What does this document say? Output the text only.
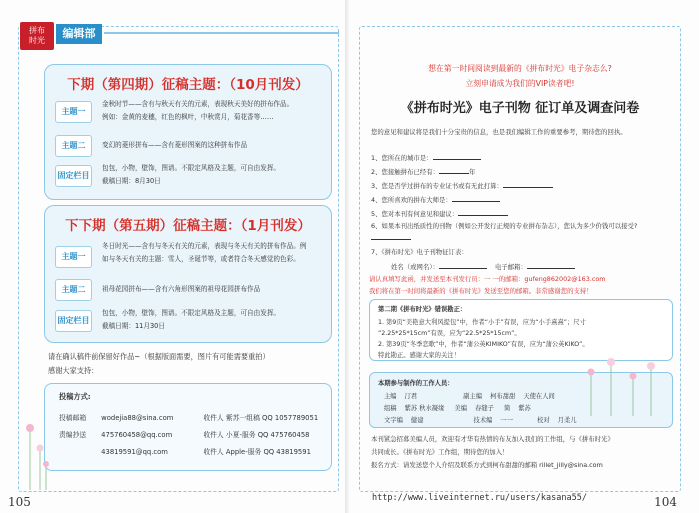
拼布
时光
编辑部
下期（第四期）征稿主题：（10月刊发）
主题一
金秋时节——含有与秋天有关的元素，表现秋天美好的拼布作品。
例如：金黄的麦穗，红色的枫叶，中秋赏月，菊花香等……
主题二	变幻的菱形拼布——含有菱形图案的这种拼布作品
固定栏目
包包，小物，壁饰，图谱。不限定风格及主题，可自由发挥。
截稿日期：8月30日
下下期（第五期）征稿主题：（1月刊发）
主题一
冬日时光——含有与冬天有关的元素，表现与冬天有关的拼布作品。例
如与冬天有关的主题：雪人，圣诞节等，或者符合冬天感觉的色彩。
主题二	祖母花园拼布——含有六角形图案的祖母花园拼布作品
固定栏目
包包，小物，壁饰，图谱。不限定风格及主题，可自由发挥。
截稿日期：11月30日
请在确认稿件前保留好作品~（根据版面需要，图片有可能需要重拍）
感谢大家支持：
投稿方式:
投稿邮箱 wodejia88@sina.com	收件人 紫苏一组稿 QQ 1057789051
责编抄送 475760458@qq.com	收件人 小夏-服务 QQ 475760458
43819591@qq.com	收件人 Apple-服务 QQ 43819591
105
想在第一时间阅读到最新的《拼布时光》电子杂志么?
立刻申请成为我们的VIP读者吧!
《拼布时光》电子刊物 征订单及调查问卷
您的意见和建议将是我们十分宝贵的信息，也是我们编辑工作的重要参考，期待您的回执。
1、您所在的城市是：
2、您接触拼布已经有：	年
3、您是否学过拼布的专业证书或有无此打算：
4、您所喜欢的拼布大师是：
5、您对本刊有何意见和建议：
6、如果本刊出纸质性的刊物（例如公开发行正规的专业拼布杂志），您认为多少价钱可以接受?
7、《拼布时光》电子刊物征订表：
姓名（或网名）：	电子邮箱：
请认真填写此函，并发送至本刊发行员：一 一的邮箱：gufeng862002@163.com
我们将在第一时间将最新的《拼布时光》发送至您的邮箱。非常感谢您的支持！
第二期《拼布时光》错误勘正：
1. 第9页“美艳意大利风提包”中，作者“小手”有误，应为“小手熹熹”；尺寸
“2.25*25*15cm”有误，应为“22.5*25*15cm”。
2. 第39页“冬季恋歌”中，作者“蒲公英KIMIKO”有误，应为“蒲公英KIKO”。
特此勘正。感谢大家的关注！
本期参与制作的工作人员：
主编 汀君	副主编 柯布甜甜 天使在人间
组稿 紫苏 秋水凝缘 美编 春缝子 简 紫苏
文字编 健建	技术编 一一	校对 月柔儿
本刊紧急招募美编人员，欢迎有才华有热情的布友加入我们的工作组，与《拼布时光》
共同成长。《拼布时光》工作组，期待您的加入！
报名方式：请发送您个人介绍及联系方式到柯布甜甜的邮箱 rillet_jilly@sina.com
104
http://www.liveinternet.ru/users/kasana55/
